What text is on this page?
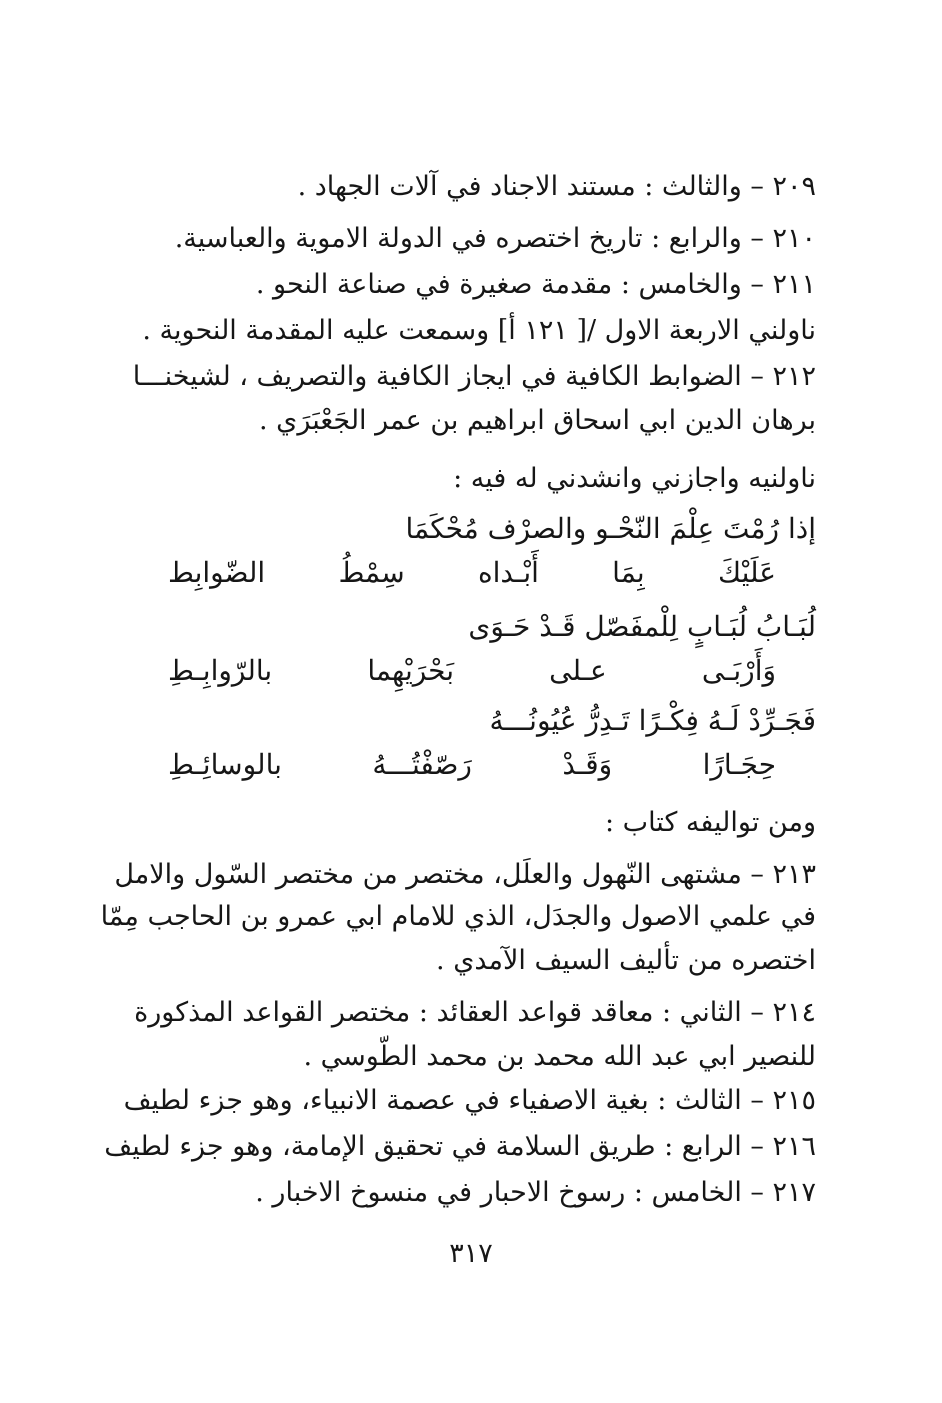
٢٠٩ – والثالث : مستند الاجناد في آلات الجهاد .
٢١٠ – والرابع : تاريخ اختصره في الدولة الاموية والعباسية.
٢١١ – والخامس : مقدمة صغيرة في صناعة النحو .
ناولني الاربعة الاول /[ ١٢١ أ] وسمعت عليه المقدمة النحوية .
٢١٢ – الضوابط الكافية في ايجاز الكافية والتصريف ، لشيخنـــا
برهان الدين ابي اسحاق ابراهيم بن عمر الجَعْبَرَي .
ناولنيه واجازني وانشدني له فيه :
إذا رُمْتَ عِلْمَ النّحْـو والصرْف مُحْكَمَا
عَلَيْكَ بِمَا أَبْـداه سِمْطُ الضّوابِط
لُبَـابُ لُبَـابٍ لِلْمفَصّل قَـدْ حَـوَى
وَأَرْبَـى عـلى بَحْرَيْهِما بالرّوابِـطِ
فَجَـرِّدْ لَـهُ فِكْـرًا تَـدِرُّ عُيُونُـــهُ
حِجَـارًا وَقَـدْ رَصّفْتُـــهُ بالوسائِـطِ
ومن تواليفه كتاب :
٢١٣ – مشتهى النّهول والعلَل، مختصر من مختصر السّول والامل
في علمي الاصول والجدَل، الذي للامام ابي عمرو بن الحاجب مِمّا
اختصره من تأليف السيف الآمدي .
٢١٤ – الثاني : معاقد قواعد العقائد : مختصر القواعد المذكورة
للنصير ابي عبد الله محمد بن محمد الطّوسي .
٢١٥ – الثالث : بغية الاصفياء في عصمة الانبياء، وهو جزء لطيف
٢١٦ – الرابع : طريق السلامة في تحقيق الإمامة، وهو جزء لطيف
٢١٧ – الخامس : رسوخ الاحبار في منسوخ الاخبار .
٣١٧
